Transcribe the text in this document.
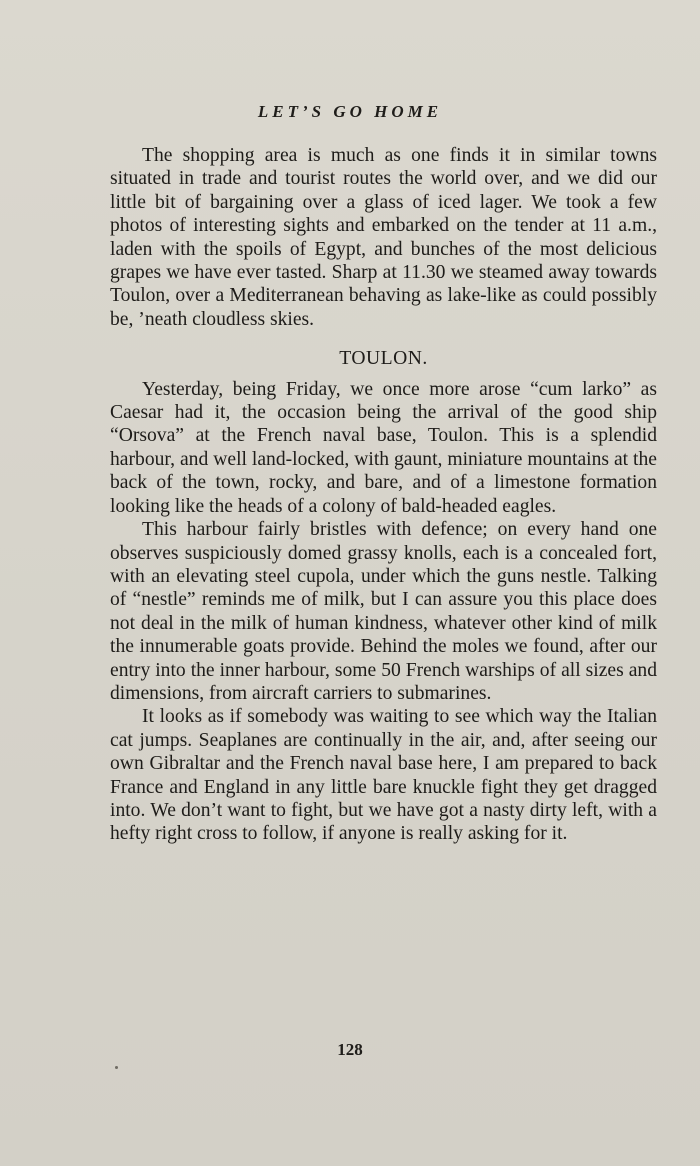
LET’S GO HOME

The shopping area is much as one finds it in similar towns situated in trade and tourist routes the world over, and we did our little bit of bargaining over a glass of iced lager. We took a few photos of interesting sights and embarked on the tender at 11 a.m., laden with the spoils of Egypt, and bunches of the most delicious grapes we have ever tasted. Sharp at 11.30 we steamed away towards Toulon, over a Mediterranean behaving as lake-like as could possibly be, ’neath cloudless skies.

TOULON.

Yesterday, being Friday, we once more arose “cum larko” as Caesar had it, the occasion being the arrival of the good ship “Orsova” at the French naval base, Toulon. This is a splendid harbour, and well land-locked, with gaunt, miniature mountains at the back of the town, rocky, and bare, and of a limestone formation looking like the heads of a colony of bald-headed eagles.

This harbour fairly bristles with defence; on every hand one observes suspiciously domed grassy knolls, each is a concealed fort, with an elevating steel cupola, under which the guns nestle. Talking of “nestle” reminds me of milk, but I can assure you this place does not deal in the milk of human kindness, whatever other kind of milk the innumerable goats provide. Behind the moles we found, after our entry into the inner harbour, some 50 French warships of all sizes and dimensions, from aircraft carriers to submarines.

It looks as if somebody was waiting to see which way the Italian cat jumps. Seaplanes are continually in the air, and, after seeing our own Gibraltar and the French naval base here, I am prepared to back France and England in any little bare knuckle fight they get dragged into. We don’t want to fight, but we have got a nasty dirty left, with a hefty right cross to follow, if anyone is really asking for it.

128
